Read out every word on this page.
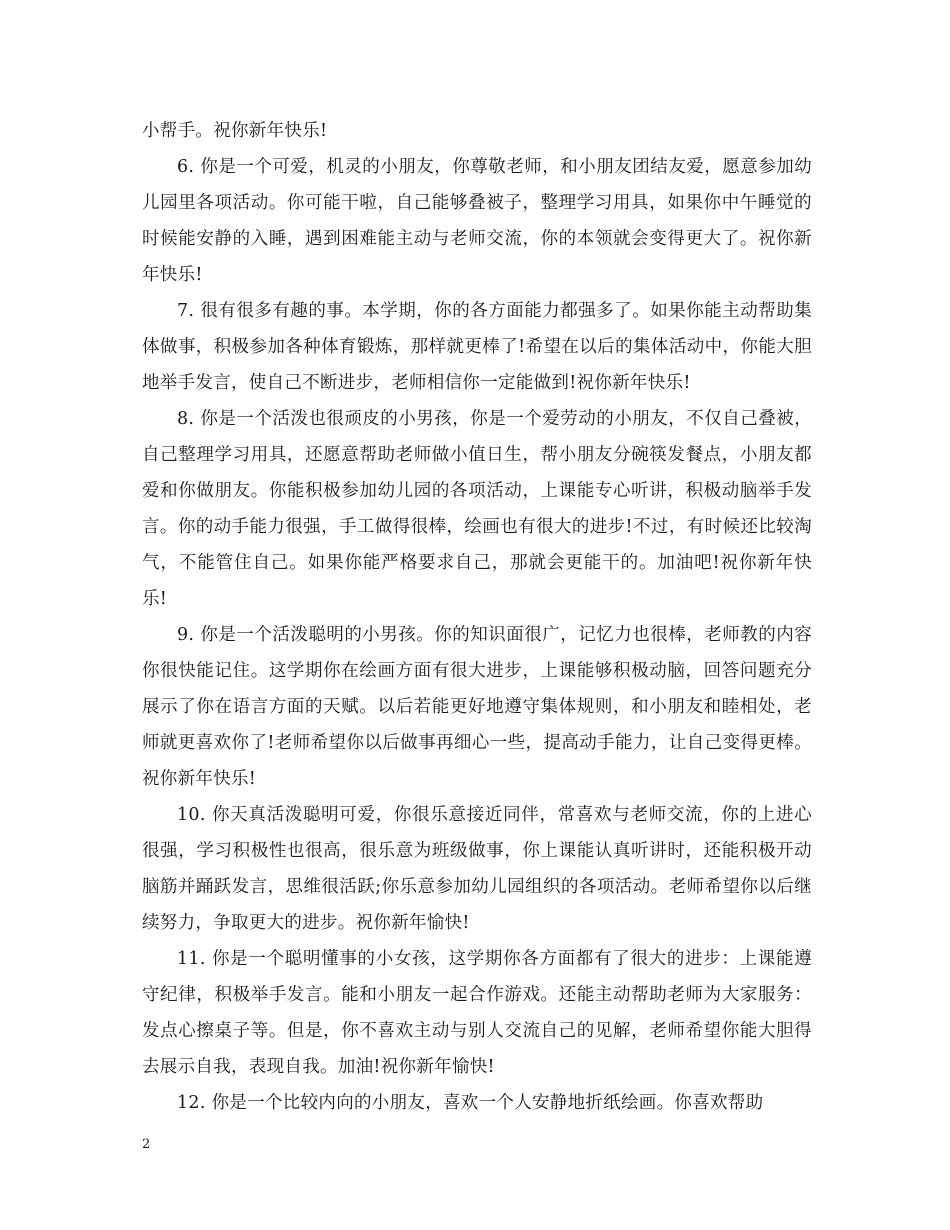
小帮手。祝你新年快乐!

6. 你是一个可爱，机灵的小朋友，你尊敬老师，和小朋友团结友爱，愿意参加幼儿园里各项活动。你可能干啦，自己能够叠被子，整理学习用具，如果你中午睡觉的时候能安静的入睡，遇到困难能主动与老师交流，你的本领就会变得更大了。祝你新年快乐!

7. 很有很多有趣的事。本学期，你的各方面能力都强多了。如果你能主动帮助集体做事，积极参加各种体育锻炼，那样就更棒了!希望在以后的集体活动中，你能大胆地举手发言，使自己不断进步，老师相信你一定能做到!祝你新年快乐!

8. 你是一个活泼也很顽皮的小男孩，你是一个爱劳动的小朋友，不仅自己叠被，自己整理学习用具，还愿意帮助老师做小值日生，帮小朋友分碗筷发餐点，小朋友都爱和你做朋友。你能积极参加幼儿园的各项活动，上课能专心听讲，积极动脑举手发言。你的动手能力很强，手工做得很棒，绘画也有很大的进步!不过，有时候还比较淘气，不能管住自己。如果你能严格要求自己，那就会更能干的。加油吧!祝你新年快乐!

9. 你是一个活泼聪明的小男孩。你的知识面很广，记忆力也很棒，老师教的内容你很快能记住。这学期你在绘画方面有很大进步，上课能够积极动脑，回答问题充分展示了你在语言方面的天赋。以后若能更好地遵守集体规则，和小朋友和睦相处，老师就更喜欢你了!老师希望你以后做事再细心一些，提高动手能力，让自己变得更棒。祝你新年快乐!

10. 你天真活泼聪明可爱，你很乐意接近同伴，常喜欢与老师交流，你的上进心很强，学习积极性也很高，很乐意为班级做事，你上课能认真听讲时，还能积极开动脑筋并踊跃发言，思维很活跃;你乐意参加幼儿园组织的各项活动。老师希望你以后继续努力，争取更大的进步。祝你新年愉快!

11. 你是一个聪明懂事的小女孩，这学期你各方面都有了很大的进步：上课能遵守纪律，积极举手发言。能和小朋友一起合作游戏。还能主动帮助老师为大家服务：发点心擦桌子等。但是，你不喜欢主动与别人交流自己的见解，老师希望你能大胆得去展示自我，表现自我。加油!祝你新年愉快!

12. 你是一个比较内向的小朋友，喜欢一个人安静地折纸绘画。你喜欢帮助

2
